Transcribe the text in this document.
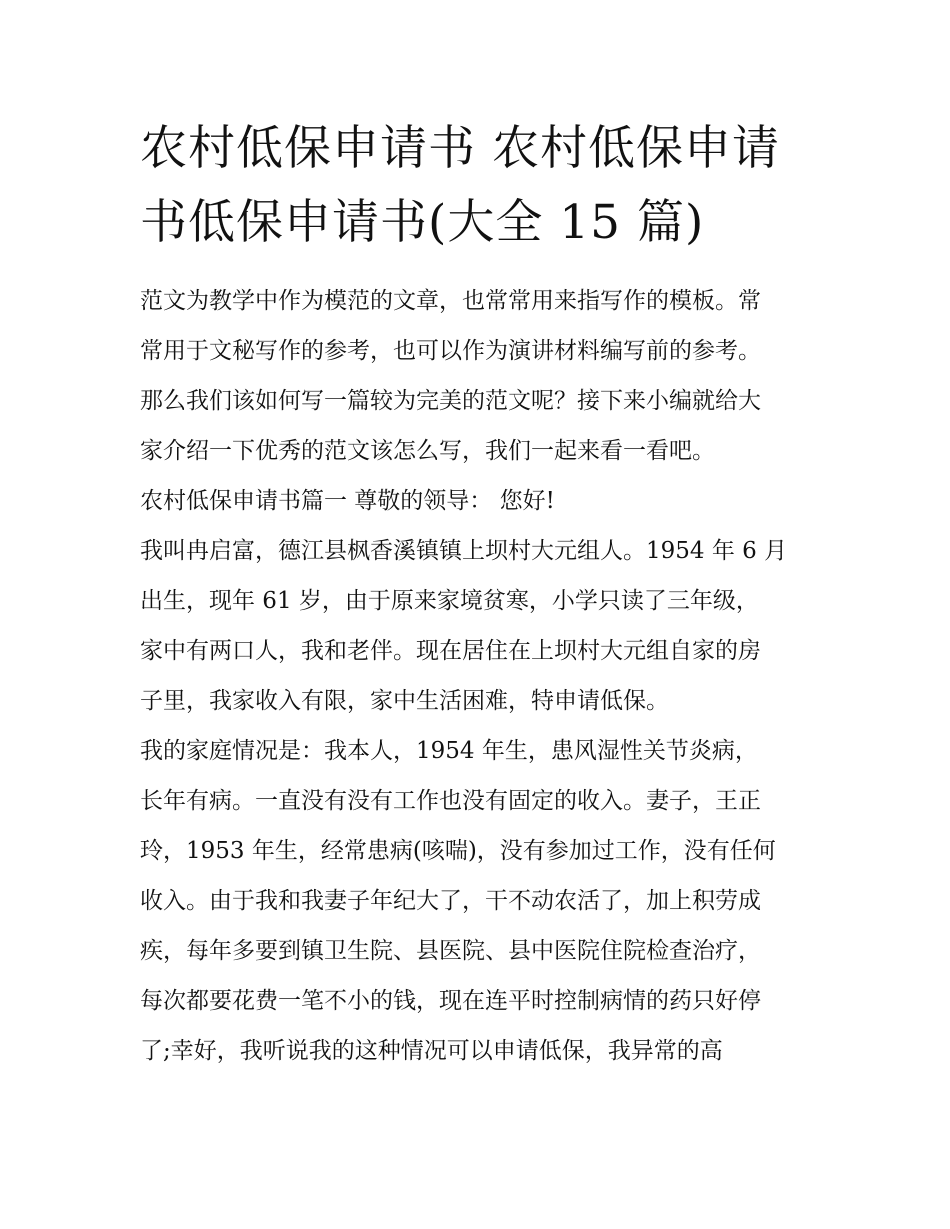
农村低保申请书 农村低保申请书低保申请书(大全 15 篇)

范文为教学中作为模范的文章，也常常用来指写作的模板。常

常用于文秘写作的参考，也可以作为演讲材料编写前的参考。

那么我们该如何写一篇较为完美的范文呢？接下来小编就给大

家介绍一下优秀的范文该怎么写，我们一起来看一看吧。

农村低保申请书篇一 尊敬的领导： 您好!

我叫冉启富，德江县枫香溪镇镇上坝村大元组人。1954 年 6 月

出生，现年 61 岁，由于原来家境贫寒，小学只读了三年级，

家中有两口人，我和老伴。现在居住在上坝村大元组自家的房

子里，我家收入有限，家中生活困难，特申请低保。

我的家庭情况是：我本人，1954 年生，患风湿性关节炎病，

长年有病。一直没有没有工作也没有固定的收入。妻子，王正

玲，1953 年生，经常患病(咳喘)，没有参加过工作，没有任何

收入。由于我和我妻子年纪大了，干不动农活了，加上积劳成

疾，每年多要到镇卫生院、县医院、县中医院住院检查治疗，

每次都要花费一笔不小的钱，现在连平时控制病情的药只好停

了;幸好，我听说我的这种情况可以申请低保，我异常的高
